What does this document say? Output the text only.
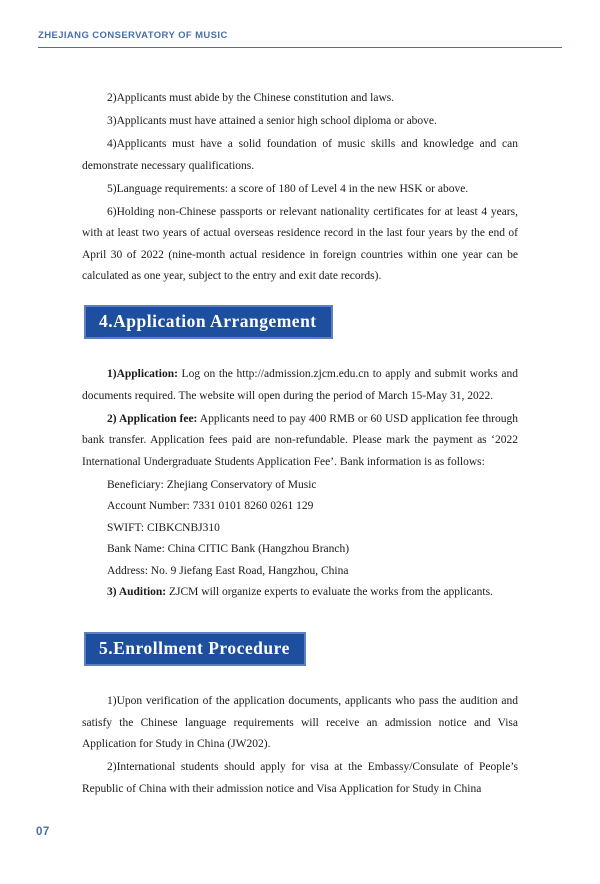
ZHEJIANG CONSERVATORY OF MUSIC

2)Applicants must abide by the Chinese constitution and laws.

3)Applicants must have attained a senior high school diploma or above.

4)Applicants must have a solid foundation of music skills and knowledge and can demonstrate necessary qualifications.

5)Language requirements: a score of 180 of Level 4 in the new HSK or above.

6)Holding non-Chinese passports or relevant nationality certificates for at least 4 years, with at least two years of actual overseas residence record in the last four years by the end of April 30 of 2022 (nine-month actual residence in foreign countries within one year can be calculated as one year, subject to the entry and exit date records).

4.Application Arrangement

1)Application: Log on the http://admission.zjcm.edu.cn to apply and submit works and documents required. The website will open during the period of March 15-May 31, 2022.

2) Application fee: Applicants need to pay 400 RMB or 60 USD application fee through bank transfer. Application fees paid are non-refundable. Please mark the payment as ‘2022 International Undergraduate Students Application Fee’. Bank information is as follows:

Beneficiary: Zhejiang Conservatory of Music

Account Number: 7331 0101 8260 0261 129

SWIFT: CIBKCNBJ310

Bank Name: China CITIC Bank (Hangzhou Branch)

Address: No. 9 Jiefang East Road, Hangzhou, China

3) Audition: ZJCM will organize experts to evaluate the works from the applicants.

5.Enrollment Procedure

1)Upon verification of the application documents, applicants who pass the audition and satisfy the Chinese language requirements will receive an admission notice and Visa Application for Study in China (JW202).

2)International students should apply for visa at the Embassy/Consulate of People’s Republic of China with their admission notice and Visa Application for Study in China

07
